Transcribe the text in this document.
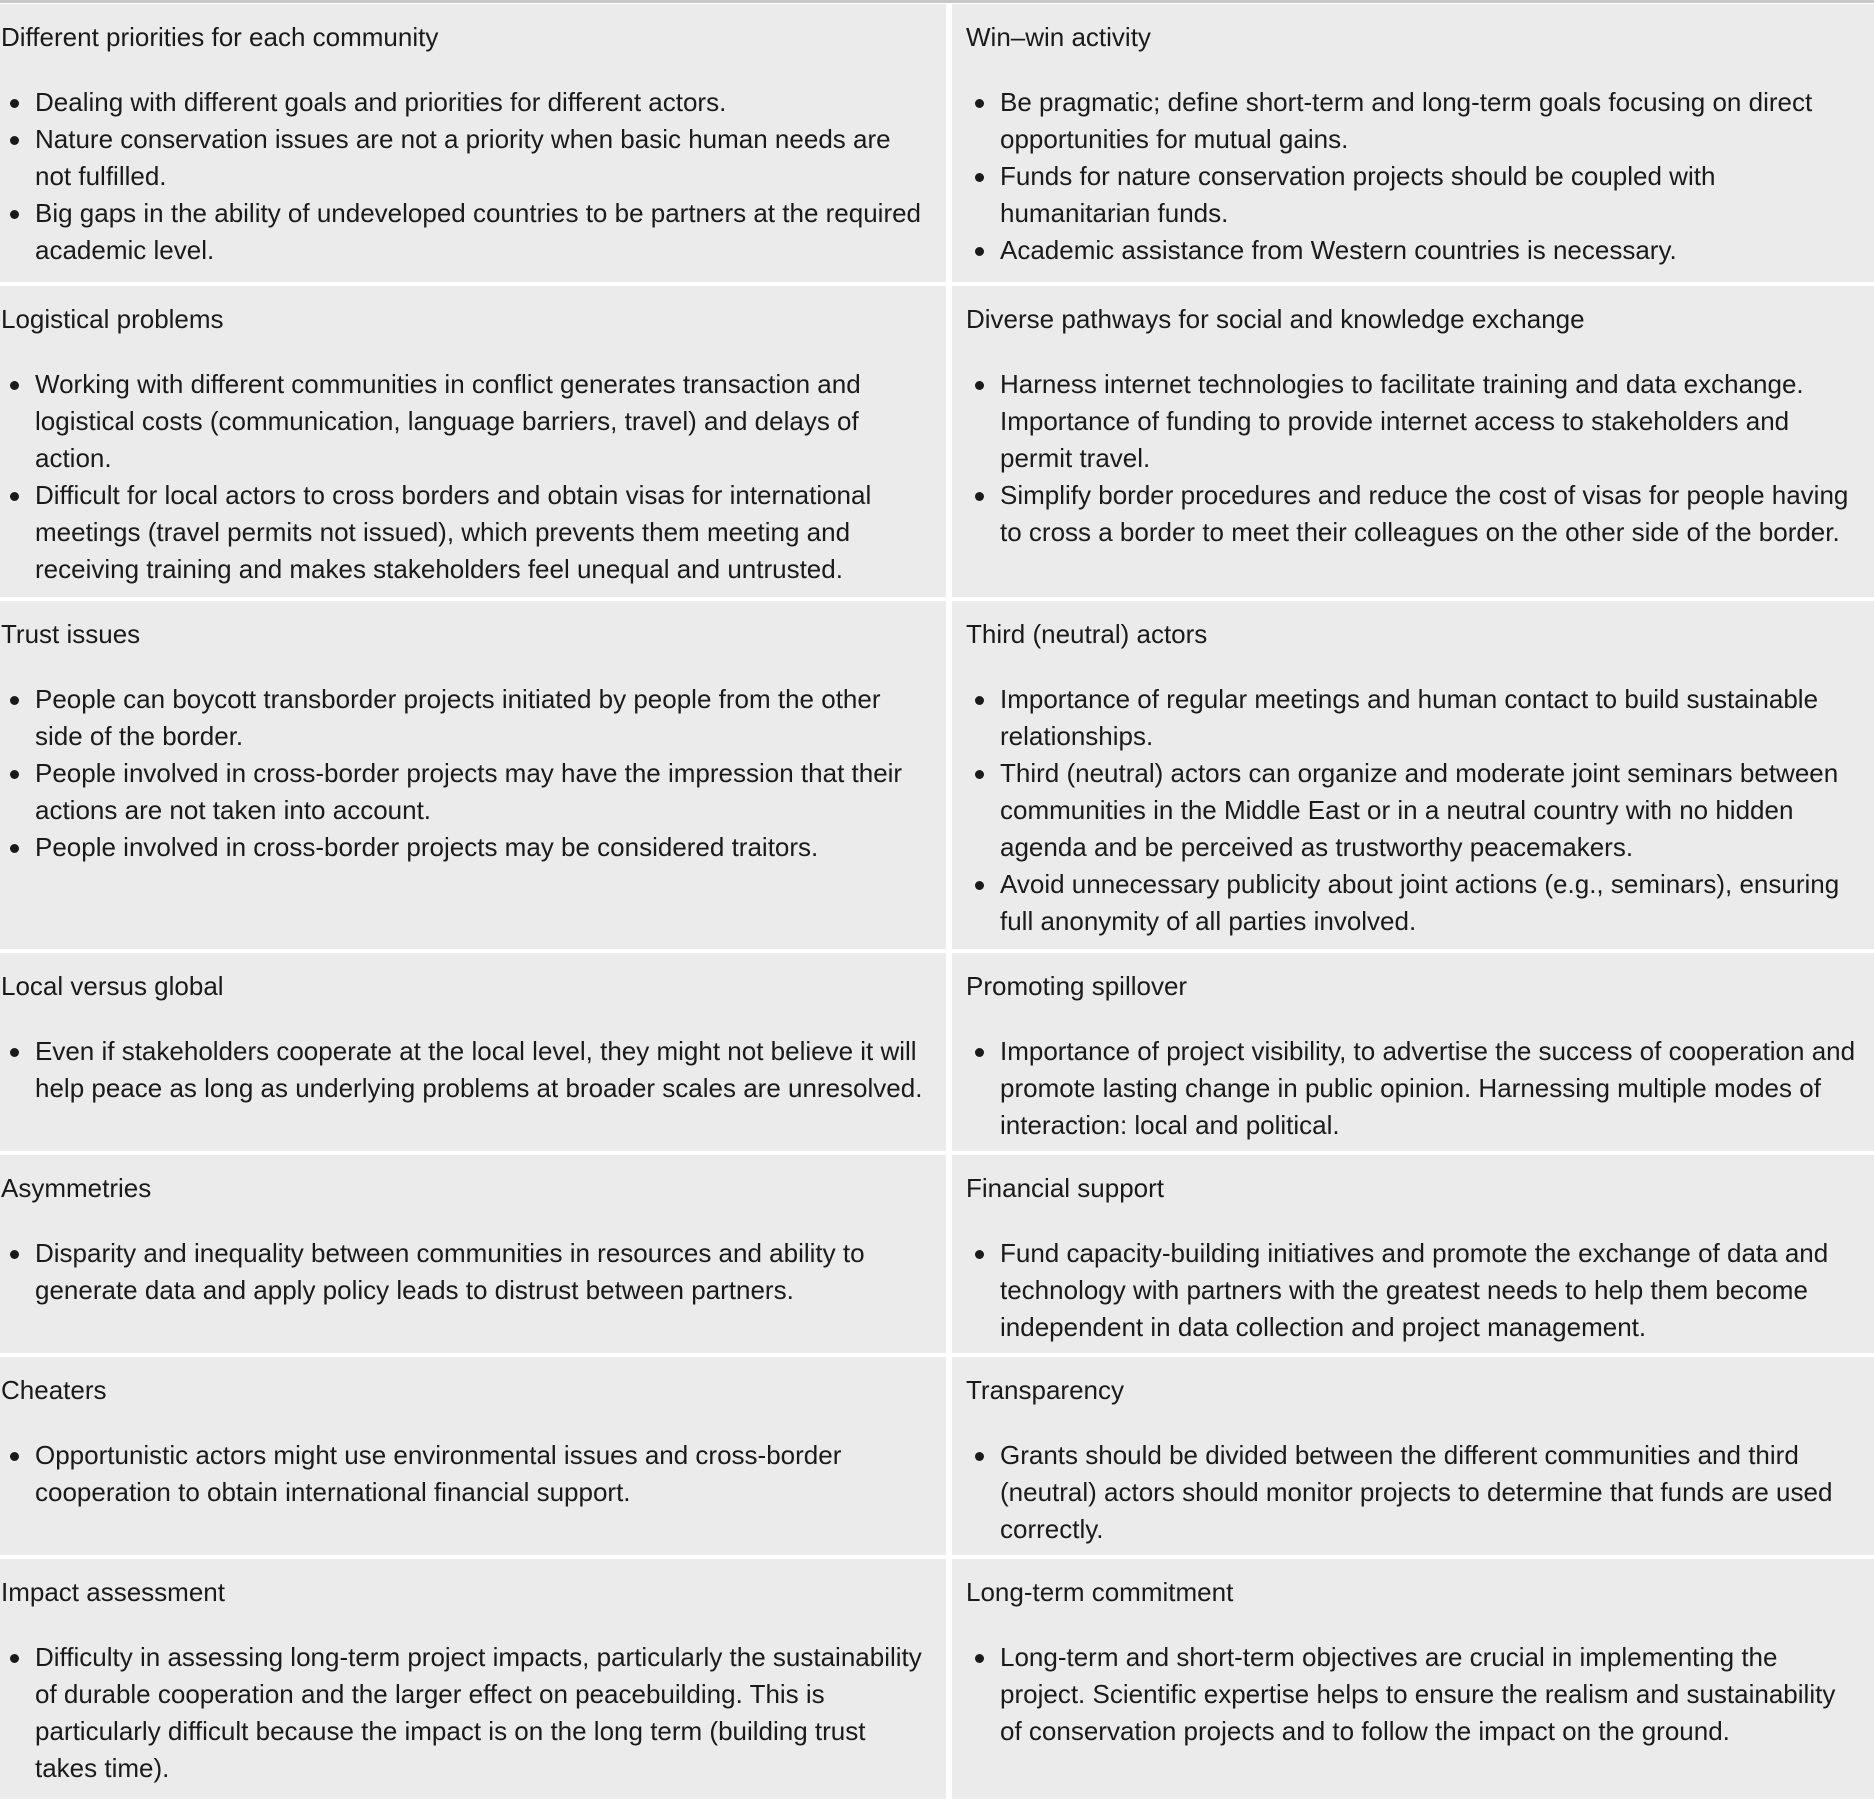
Different priorities for each community
Dealing with different goals and priorities for different actors.
Nature conservation issues are not a priority when basic human needs are not fulfilled.
Big gaps in the ability of undeveloped countries to be partners at the required academic level.
Win–win activity
Be pragmatic; define short-term and long-term goals focusing on direct opportunities for mutual gains.
Funds for nature conservation projects should be coupled with humanitarian funds.
Academic assistance from Western countries is necessary.
Logistical problems
Working with different communities in conflict generates transaction and logistical costs (communication, language barriers, travel) and delays of action.
Difficult for local actors to cross borders and obtain visas for international meetings (travel permits not issued), which prevents them meeting and receiving training and makes stakeholders feel unequal and untrusted.
Diverse pathways for social and knowledge exchange
Harness internet technologies to facilitate training and data exchange. Importance of funding to provide internet access to stakeholders and permit travel.
Simplify border procedures and reduce the cost of visas for people having to cross a border to meet their colleagues on the other side of the border.
Trust issues
People can boycott transborder projects initiated by people from the other side of the border.
People involved in cross-border projects may have the impression that their actions are not taken into account.
People involved in cross-border projects may be considered traitors.
Third (neutral) actors
Importance of regular meetings and human contact to build sustainable relationships.
Third (neutral) actors can organize and moderate joint seminars between communities in the Middle East or in a neutral country with no hidden agenda and be perceived as trustworthy peacemakers.
Avoid unnecessary publicity about joint actions (e.g., seminars), ensuring full anonymity of all parties involved.
Local versus global
Even if stakeholders cooperate at the local level, they might not believe it will help peace as long as underlying problems at broader scales are unresolved.
Promoting spillover
Importance of project visibility, to advertise the success of cooperation and promote lasting change in public opinion. Harnessing multiple modes of interaction: local and political.
Asymmetries
Disparity and inequality between communities in resources and ability to generate data and apply policy leads to distrust between partners.
Financial support
Fund capacity-building initiatives and promote the exchange of data and technology with partners with the greatest needs to help them become independent in data collection and project management.
Cheaters
Opportunistic actors might use environmental issues and cross-border cooperation to obtain international financial support.
Transparency
Grants should be divided between the different communities and third (neutral) actors should monitor projects to determine that funds are used correctly.
Impact assessment
Difficulty in assessing long-term project impacts, particularly the sustainability of durable cooperation and the larger effect on peacebuilding. This is particularly difficult because the impact is on the long term (building trust takes time).
Long-term commitment
Long-term and short-term objectives are crucial in implementing the project. Scientific expertise helps to ensure the realism and sustainability of conservation projects and to follow the impact on the ground.
